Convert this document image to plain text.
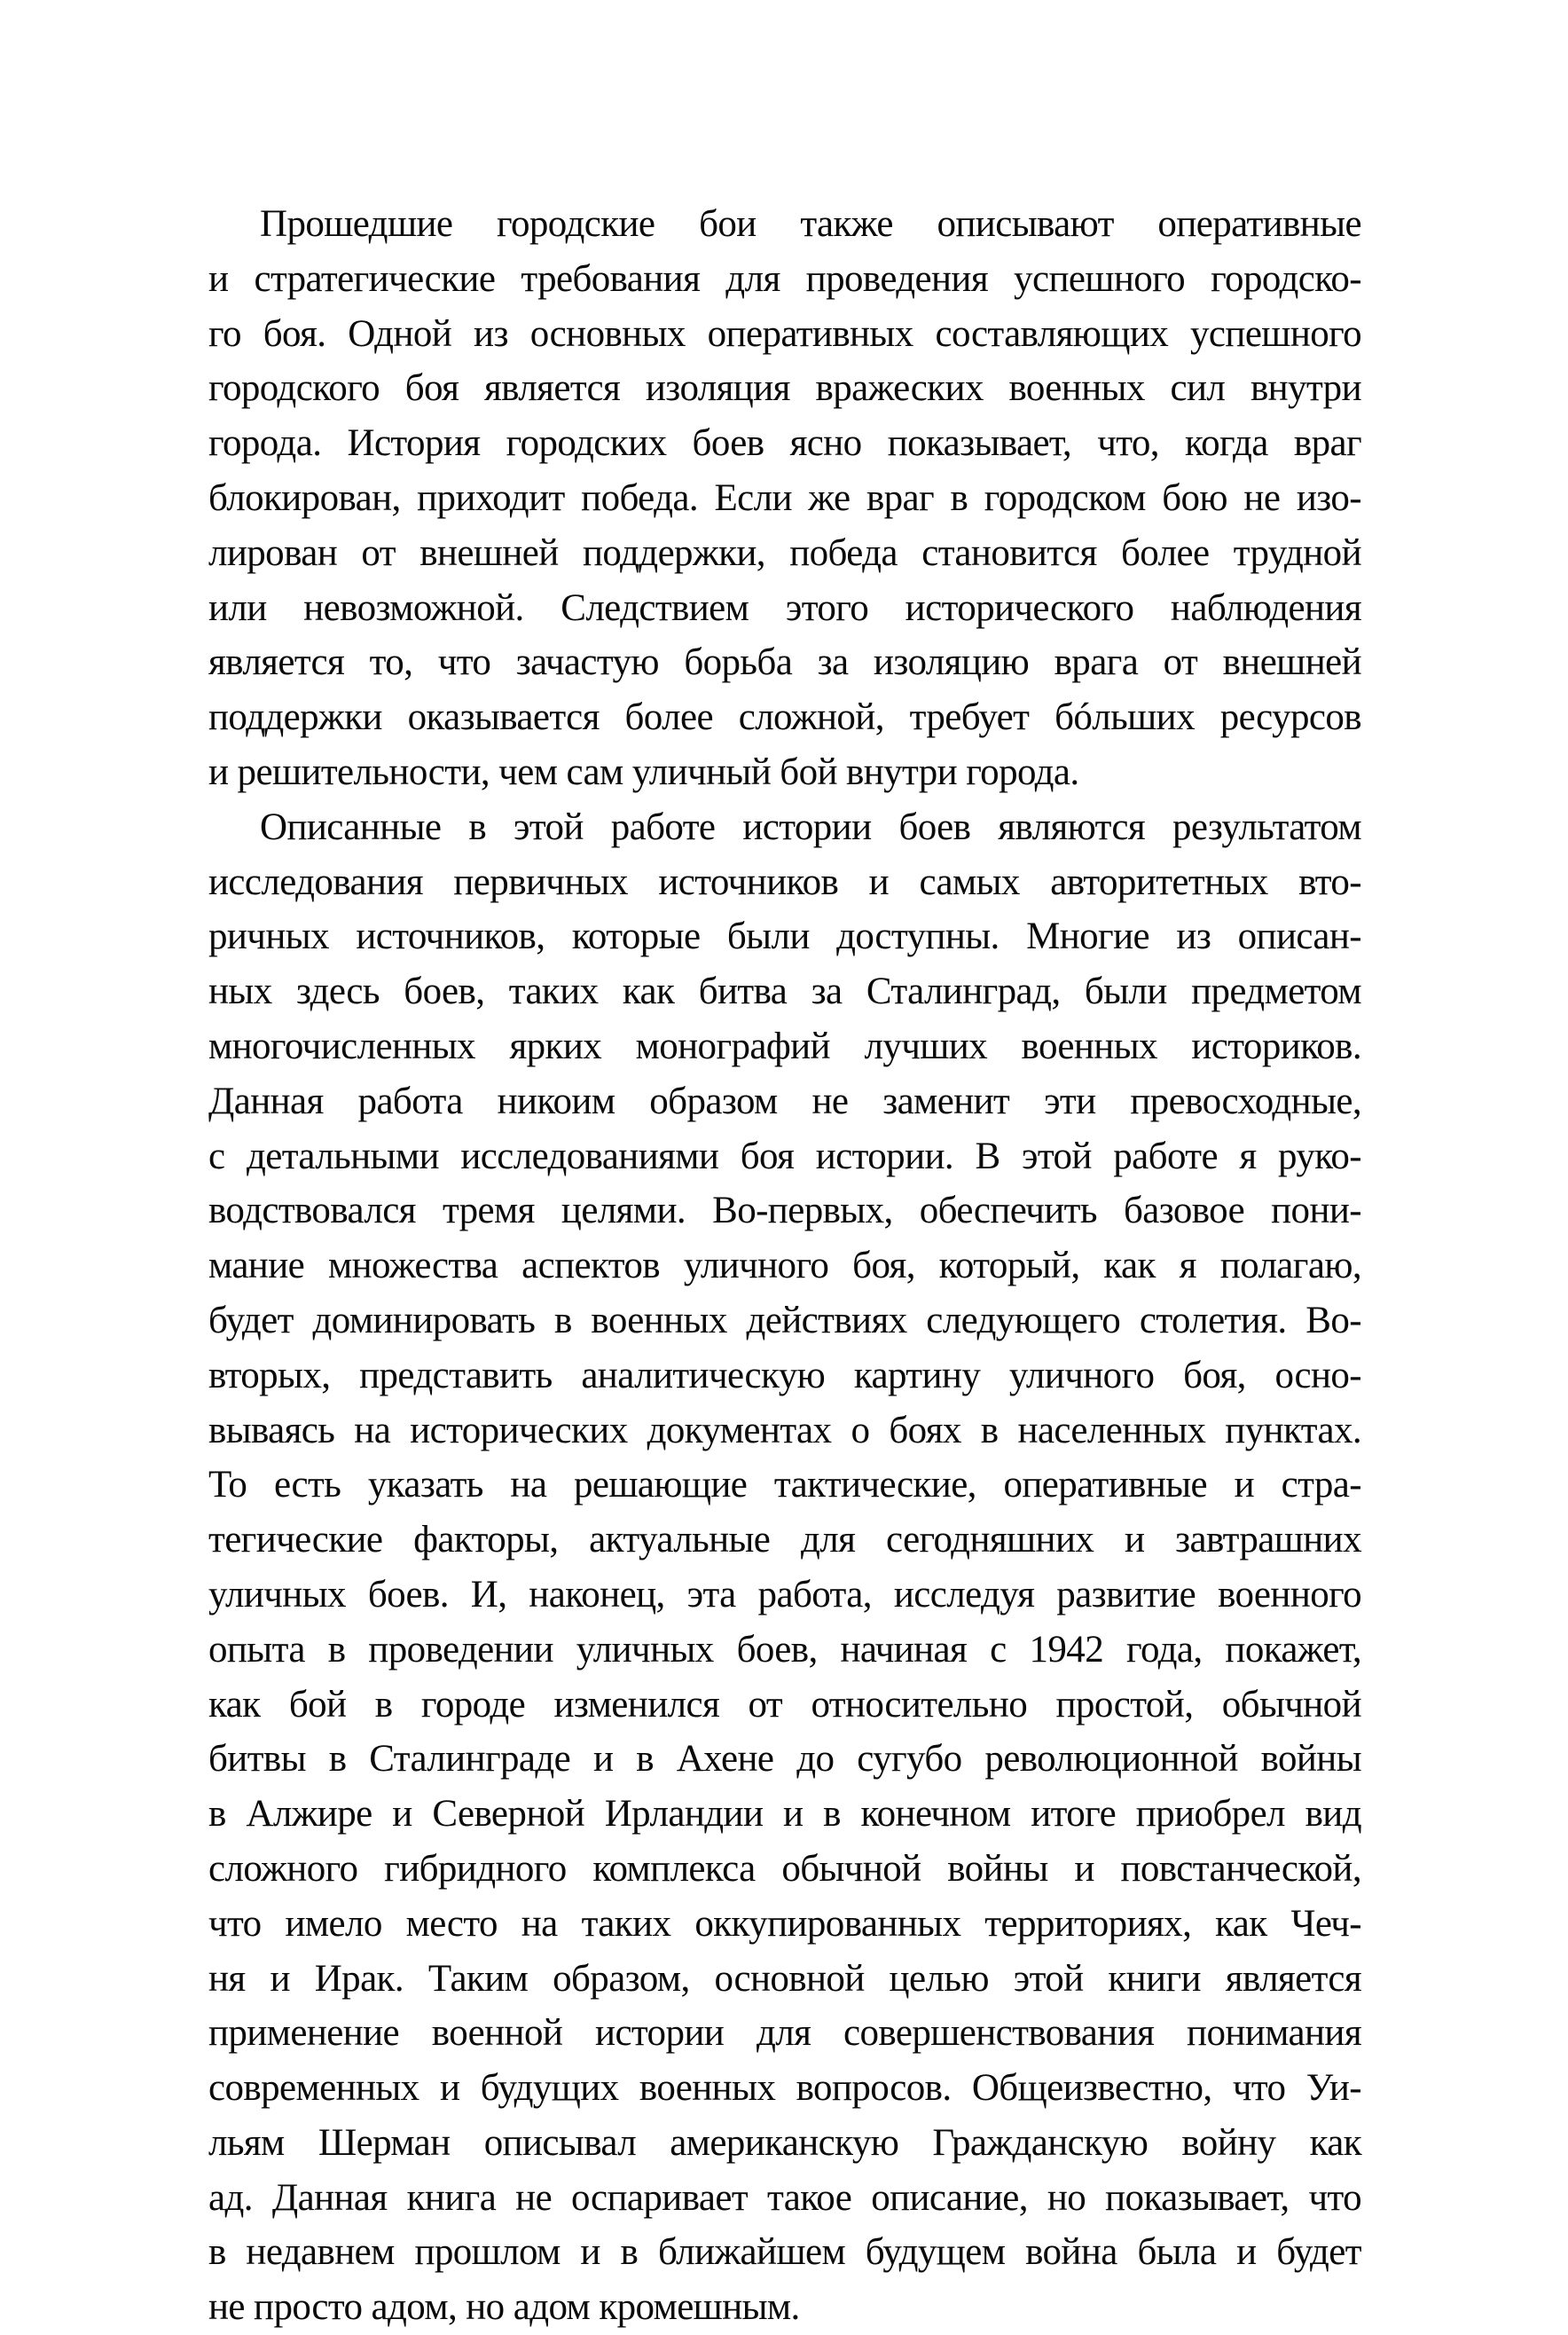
Прошедшие городские бои также описывают оперативные
и стратегические требования для проведения успешного городско-
го боя. Одной из основных оперативных составляющих успешного
городского боя является изоляция вражеских военных сил внутри
города. История городских боев ясно показывает, что, когда враг
блокирован, приходит победа. Если же враг в городском бою не изо-
лирован от внешней поддержки, победа становится более трудной
или невозможной. Следствием этого исторического наблюдения
является то, что зачастую борьба за изоляцию врага от внешней
поддержки оказывается более сложной, требует бóльших ресурсов
и решительности, чем сам уличный бой внутри города.
Описанные в этой работе истории боев являются результатом
исследования первичных источников и самых авторитетных вто-
ричных источников, которые были доступны. Многие из описан-
ных здесь боев, таких как битва за Сталинград, были предметом
многочисленных ярких монографий лучших военных историков.
Данная работа никоим образом не заменит эти превосходные,
с детальными исследованиями боя истории. В этой работе я руко-
водствовался тремя целями. Во-первых, обеспечить базовое пони-
мание множества аспектов уличного боя, который, как я полагаю,
будет доминировать в военных действиях следующего столетия. Во-
вторых, представить аналитическую картину уличного боя, осно-
вываясь на исторических документах о боях в населенных пунктах.
То есть указать на решающие тактические, оперативные и стра-
тегические факторы, актуальные для сегодняшних и завтрашних
уличных боев. И, наконец, эта работа, исследуя развитие военного
опыта в проведении уличных боев, начиная с 1942 года, покажет,
как бой в городе изменился от относительно простой, обычной
битвы в Сталинграде и в Ахене до сугубо революционной войны
в Алжире и Северной Ирландии и в конечном итоге приобрел вид
сложного гибридного комплекса обычной войны и повстанческой,
что имело место на таких оккупированных территориях, как Чеч-
ня и Ирак. Таким образом, основной целью этой книги является
применение военной истории для совершенствования понимания
современных и будущих военных вопросов. Общеизвестно, что Уи-
льям Шерман описывал американскую Гражданскую войну как
ад. Данная книга не оспаривает такое описание, но показывает, что
в недавнем прошлом и в ближайшем будущем война была и будет
не просто адом, но адом кромешным.
